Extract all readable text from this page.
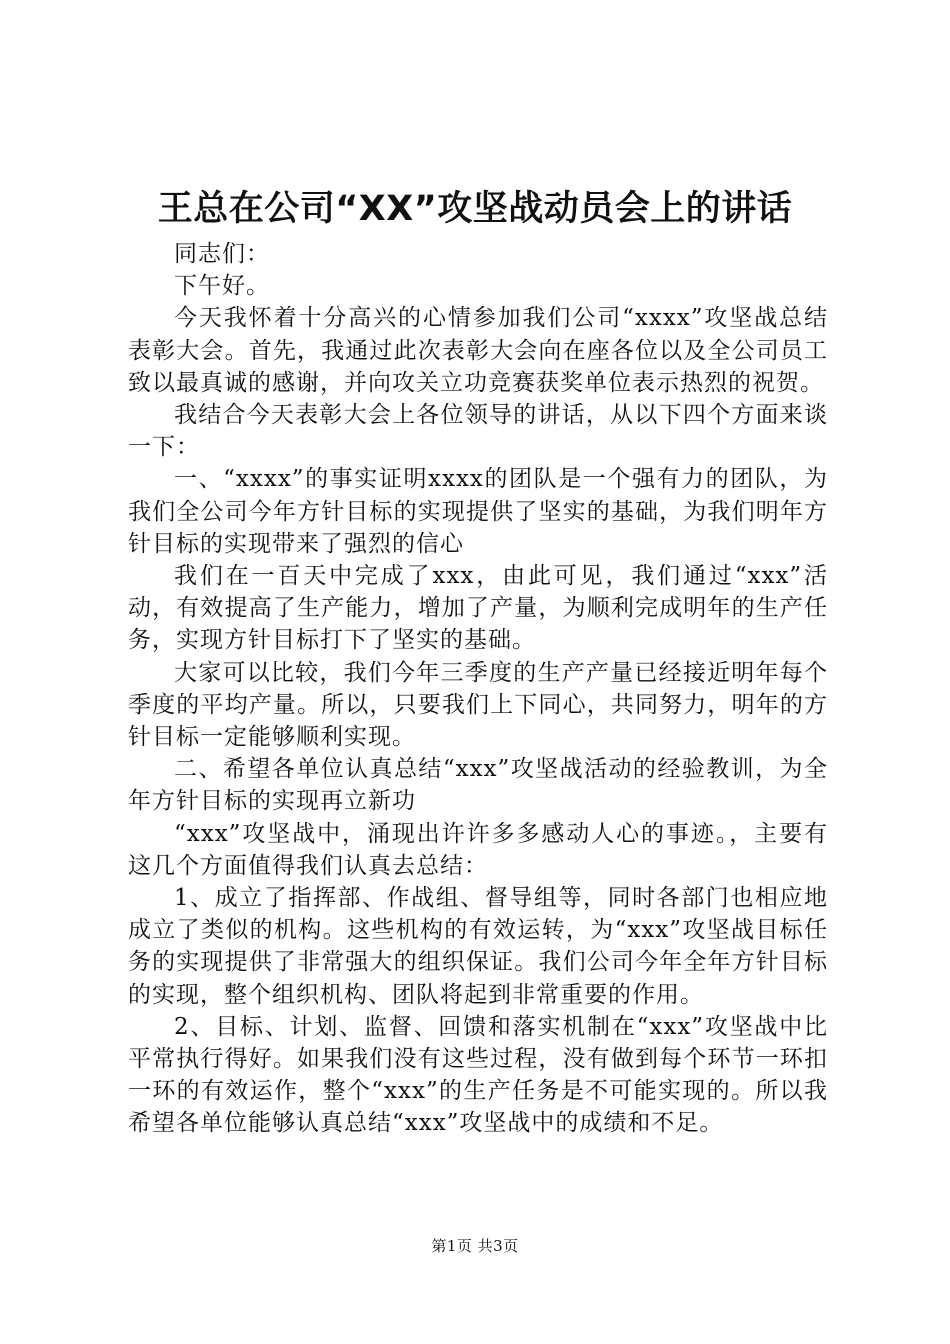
王总在公司“XX”攻坚战动员会上的讲话

同志们：

下午好。

今天我怀着十分高兴的心情参加我们公司“xxxx”攻坚战总结表彰大会。首先，我通过此次表彰大会向在座各位以及全公司员工致以最真诚的感谢，并向攻关立功竞赛获奖单位表示热烈的祝贺。

我结合今天表彰大会上各位领导的讲话，从以下四个方面来谈一下：

一、“xxxx”的事实证明xxxx的团队是一个强有力的团队，为我们全公司今年方针目标的实现提供了坚实的基础，为我们明年方针目标的实现带来了强烈的信心

我们在一百天中完成了xxx，由此可见，我们通过“xxx”活动，有效提高了生产能力，增加了产量，为顺利完成明年的生产任务，实现方针目标打下了坚实的基础。

大家可以比较，我们今年三季度的生产产量已经接近明年每个季度的平均产量。所以，只要我们上下同心，共同努力，明年的方针目标一定能够顺利实现。

二、希望各单位认真总结“xxx”攻坚战活动的经验教训，为全年方针目标的实现再立新功

“xxx”攻坚战中，涌现出许许多多感动人心的事迹。，主要有这几个方面值得我们认真去总结：

1、成立了指挥部、作战组、督导组等，同时各部门也相应地成立了类似的机构。这些机构的有效运转，为“xxx”攻坚战目标任务的实现提供了非常强大的组织保证。我们公司今年全年方针目标的实现，整个组织机构、团队将起到非常重要的作用。

2、目标、计划、监督、回馈和落实机制在“xxx”攻坚战中比平常执行得好。如果我们没有这些过程，没有做到每个环节一环扣一环的有效运作，整个“xxx”的生产任务是不可能实现的。所以我希望各单位能够认真总结“xxx”攻坚战中的成绩和不足。

第1页 共3页
